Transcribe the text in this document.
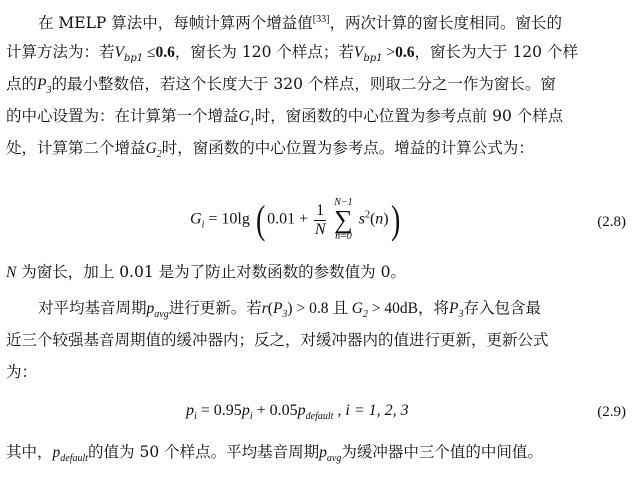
在 MELP 算法中，每帧计算两个增益值[33]，两次计算的窗长度相同。窗长的
计算方法为：若$V_{bp1} \le 0.6$，窗长为 120 个样点；若$V_{bp1} >0.6$，窗长为大于 120 个样
点的$P_3$的最小整数倍，若这个长度大于 320 个样点，则取二分之一作为窗长。窗
的中心设置为：在计算第一个增益$G_1$时，窗函数的中心位置为参考点前 90 个样点
处，计算第二个增益$G_2$时，窗函数的中心位置为参考点。增益的计算公式为：
$G_i = 10\lg$ ( $0.01 + \frac{1}{N}$
N−1
∑
n=0
$s^2(n)$)	(2.8)
N 为窗长，加上 0.01 是为了防止对数函数的参数值为 0。
对平均基音周期$p_{avg}$进行更新。若$r(P_3) > 0.8$ 且 $G_2 > 40dB$，将$P_3$存入包含最
近三个较强基音周期值的缓冲器内；反之，对缓冲器内的值进行更新，更新公式
为：
$p_i = 0.95p_i + 0.05p_{default}$ , i = 1, 2, 3	(2.9)
其中，$p_{default}$的值为 50 个样点。平均基音周期$p_{avg}$为缓冲器中三个值的中间值。
